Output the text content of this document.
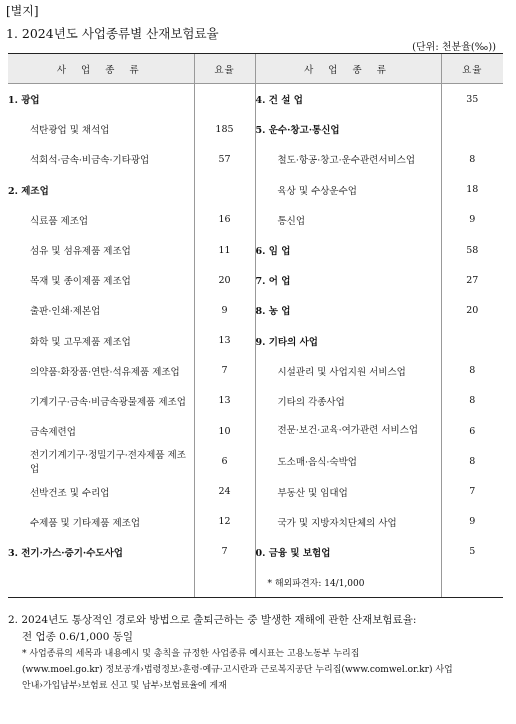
[별지]
1. 2024년도 사업종류별 산재보험료율
(단위: 천분율(‰))
사 업 종 류	요율	사 업 종 류	요율
1. 광업		4. 건 설 업	35
석탄광업 및 채석업	185	5. 운수·창고·통신업	
석회석·금속·비금속·기타광업	57	철도·항공·창고·운수관련서비스업	8
2. 제조업		육상 및 수상운수업	18
식료품 제조업	16	통신업	9
섬유 및 섬유제품 제조업	11	6. 임 업	58
목재 및 종이제품 제조업	20	7. 어 업	27
출판·인쇄·제본업	9	8. 농 업	20
화학 및 고무제품 제조업	13	9. 기타의 사업	
의약품·화장품·연탄·석유제품 제조업	7	시설관리 및 사업지원 서비스업	8
기계기구·금속·비금속광물제품 제조업	13	기타의 각종사업	8
금속제련업	10	전문·보건·교육·여가관련 서비스업	6
전기기계기구·정밀기구·전자제품 제조업	6	도소매·음식·숙박업	8
선박건조 및 수리업	24	부동산 및 임대업	7
수제품 및 기타제품 제조업	12	국가 및 지방자치단체의 사업	9
3. 전기·가스·증기·수도사업	7	0. 금융 및 보험업	5
		* 해외파견자: 14/1,000	
2. 2024년도 통상적인 경로와 방법으로 출퇴근하는 중 발생한 재해에 관한 산재보험료율:
전 업종 0.6/1,000 동일
* 사업종류의 세목과 내용예시 및 총칙을 규정한 사업종류 예시표는 고용노동부 누리집
(www.moel.go.kr) 정보공개›법령정보›훈령·예규·고시란과 근로복지공단 누리집(www.comwel.or.kr) 사업
안내›가입납부›보험료 신고 및 납부›보험료율에 게재
